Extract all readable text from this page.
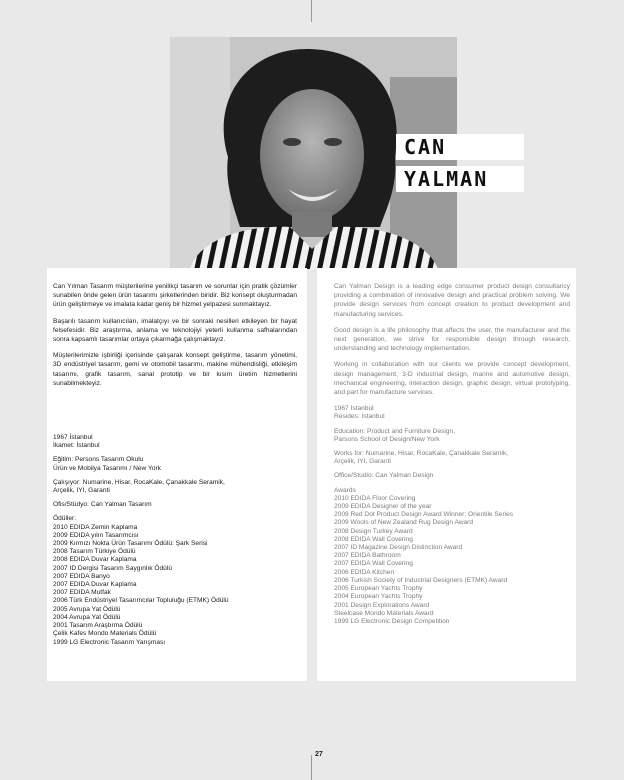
CAN
YALMAN

Can Yılman Tasarım müşterilerine yenilikçi tasarım ve sorunlar için pratik çözümler sunabilen önde gelen ürün tasarımı şirketlerinden biridir. Biz konsept oluşturmadan ürün geliştirmeye ve imalata kadar geniş bir hizmet yelpazesi sunmaktayız.

Başarılı tasarım kullanıcıları, imalatçıyı ve bir sonraki nesilleri etkileyen bir hayat felsefesidir. Biz araştırma, anlama ve teknolojiyi yeterli kullanma safhalarından sonra kapsamlı tasarımlar ortaya çıkarmağa çalışmaktayız.

Müşterilerimizle işbirliği içerisinde çalışarak konsept geliştirme, tasarım yönetimi, 3D endüstriyel tasarım, gemi ve otomobil tasarımı, makine mühendisliği, etkileşim tasarımı, grafik tasarım, sanal prototip ve bir kısım üretim hizmetlerini sunabilmekteyiz.

1967 İstanbul
İkamet: İstanbul
Eğitim: Persons Tasarım Okulu
Ürün ve Mobilya Tasarımı / New York
Çalışıyor: Numarine, Hisar, RocaKale, Çanakkale Seramik,
Arçelik, IYI, Garanti
Ofis/Stüdyo: Can Yalman Tasarım
Ödüller:
2010 EDIDA Zemin Kaplama
2009 EDIDA yılın Tasarımcısı
2009 Kırmızı Nokta Ürün Tasarımı Ödülü: Şark Serisi
2008 Tasarım Türkiye Ödülü
2008 EDIDA Duvar Kaplama
2007 ID Dergisi Tasarım Saygınlık Ödülü
2007 EDIDA Banyo
2007 EDIDA Duvar Kaplama
2007 EDIDA Mutfak
2006 Türk Endüstriyel Tasarımcılar Topluluğu (ETMK) Ödülü
2005 Avrupa Yat Ödülü
2004 Avrupa Yat Ödülü
2001 Tasarım Araştırma Ödülü
Çelik Kafes Mondo Materials Ödülü
1999 LG Electronic Tasarım Yarışması

Can Yalman Design is a leading edge consumer product design consultancy providing a combination of innovative design and practical problem solving. We provide design services from concept creation to product development and manufacturing services.

Good design is a life philosophy that affects the user, the manufacturer and the next generation, we strive for responsible design through research, understanding and technology implementation.

Working in collaboration with our clients we provide concept development, design management, 3-D industrial design, marine and automotive design, mechanical engineering, interaction design, graphic design, virtual prototyping, and part for manufacture services.

1967 Istanbul
Resides: Istanbul
Education: Product and Furniture Design,
Parsons School of Design/New York
Works for: Numarine, Hisar, RocaKale, Çanakkale Seramik,
Arçelik, IYI, Garanti
Office/Studio: Can Yalman Design
Awards
2010 EDIDA Floor Covering
2009 EDIDA Designer of the year
2009 Red Dot Product Design Award Winner: Orientile Series
2009 Wools of New Zealand Rug Design Award
2008 Design Turkey Award
2008 EDIDA Wall Covering
2007 ID Magazine Design Distinction Award
2007 EDIDA Bathroom
2007 EDIDA Wall Covering
2006 EDIDA Kitchen
2006 Turkish Society of Industrial Designers (ETMK) Award
2005 European Yachts Trophy
2004 European Yachts Trophy
2001 Design Explorations Award
Steelcase Mondo Materials Award
1999 LG Electronic Design Competition
27
